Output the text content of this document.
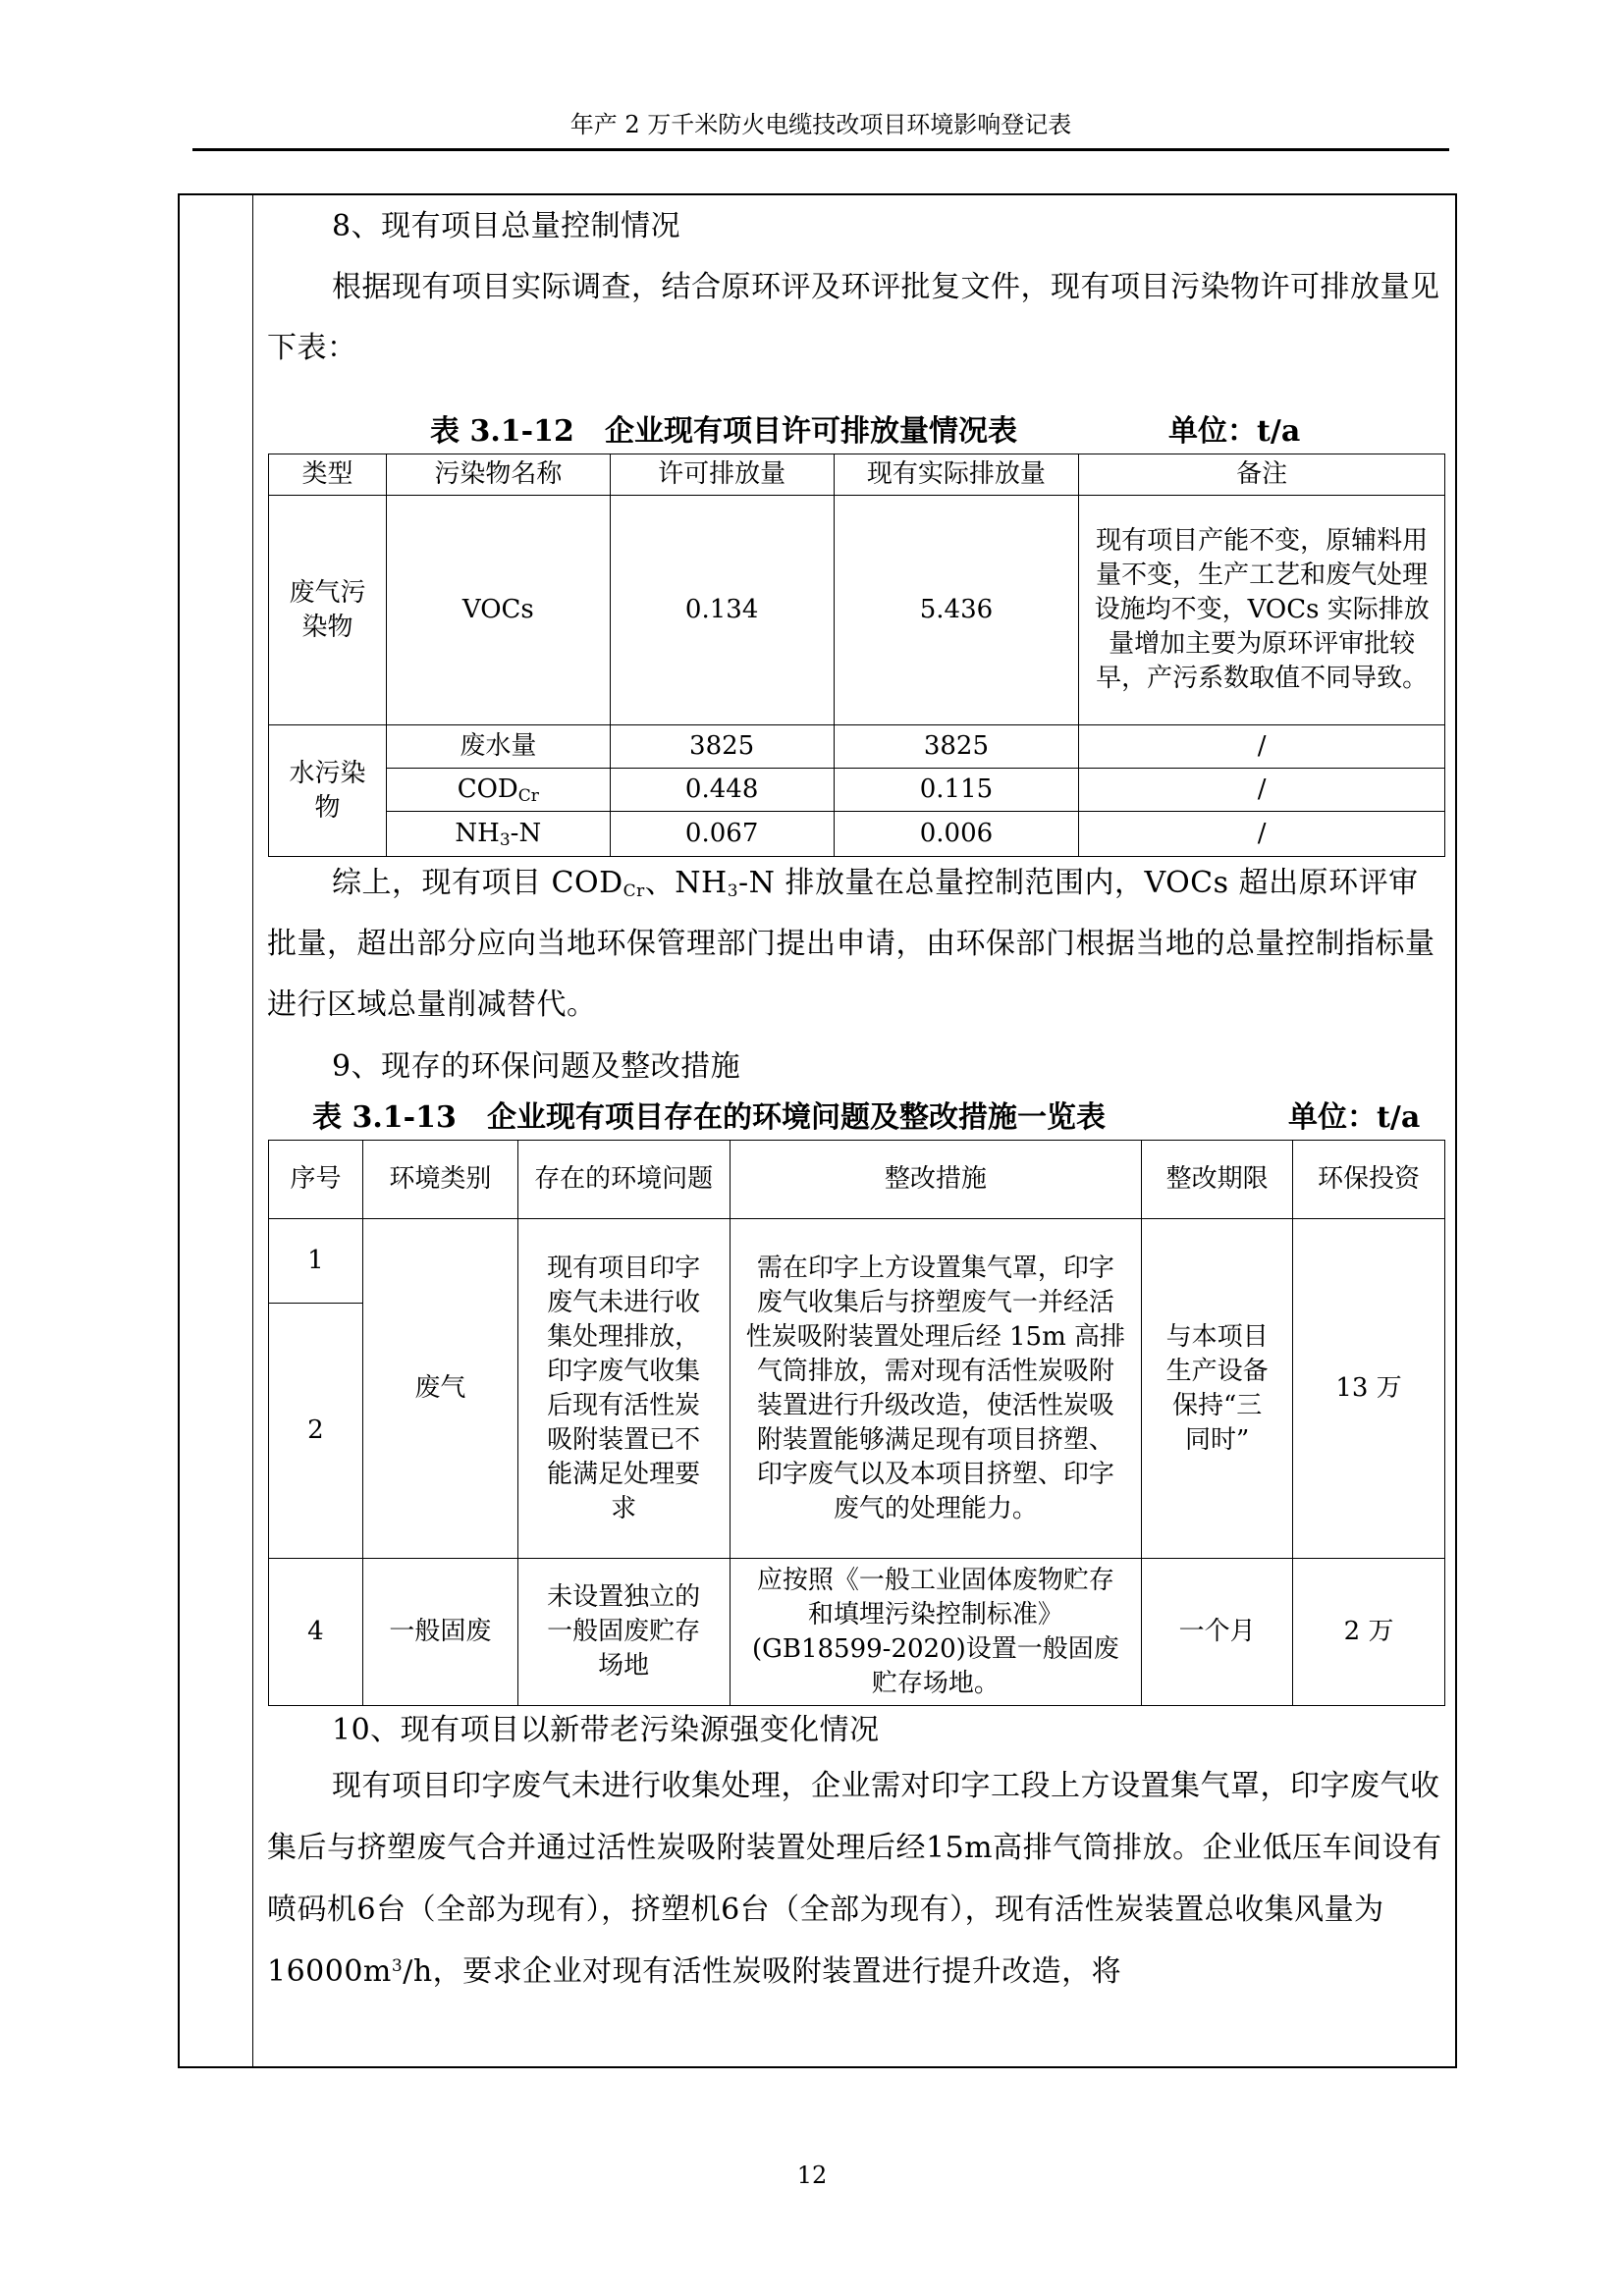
年产 2 万千米防火电缆技改项目环境影响登记表

8、现有项目总量控制情况

根据现有项目实际调查，结合原环评及环评批复文件，现有项目污染物许可排放量见下表：

表 3.1-12 企业现有项目许可排放量情况表	单位：t/a
类型	污染物名称	许可排放量	现有实际排放量	备注
废气污染物	VOCs	0.134	5.436	现有项目产能不变，原辅料用量不变，生产工艺和废气处理设施均不变，VOCs 实际排放量增加主要为原环评审批较早，产污系数取值不同导致。
水污染物	废水量	3825	3825	/
	$COD_{Cr}$	0.448	0.115	/
	$NH_3-N$	0.067	0.006	/

综上，现有项目 $COD_{Cr}$、$NH_3-N$ 排放量在总量控制范围内，VOCs 超出原环评审批量，超出部分应向当地环保管理部门提出申请，由环保部门根据当地的总量控制指标量进行区域总量削减替代。

9、现存的环保问题及整改措施

表 3.1-13 企业现有项目存在的环境问题及整改措施一览表	单位：t/a
序号	环境类别	存在的环境问题	整改措施	整改期限	环保投资
1	废气	现有项目印字废气未进行收集处理排放，印字废气收集后现有活性炭吸附装置已不能满足处理要求	需在印字上方设置集气罩，印字废气收集后与挤塑废气一并经活性炭吸附装置处理后经 15m 高排气筒排放，需对现有活性炭吸附装置进行升级改造，使活性炭吸附装置能够满足现有项目挤塑、印字废气以及本项目挤塑、印字废气的处理能力。	与本项目生产设备保持“三同时”	13 万
2					
4	一般固废	未设置独立的一般固废贮存场地	应按照《一般工业固体废物贮存和填埋污染控制标准》(GB18599-2020)设置一般固废贮存场地。	一个月	2 万

10、现有项目以新带老污染源强变化情况

现有项目印字废气未进行收集处理，企业需对印字工段上方设置集气罩，印字废气收集后与挤塑废气合并通过活性炭吸附装置处理后经15m高排气筒排放。企业低压车间设有喷码机6台（全部为现有），挤塑机6台（全部为现有），现有活性炭装置总收集风量为$16000m^3/h$，要求企业对现有活性炭吸附装置进行提升改造，将

12
